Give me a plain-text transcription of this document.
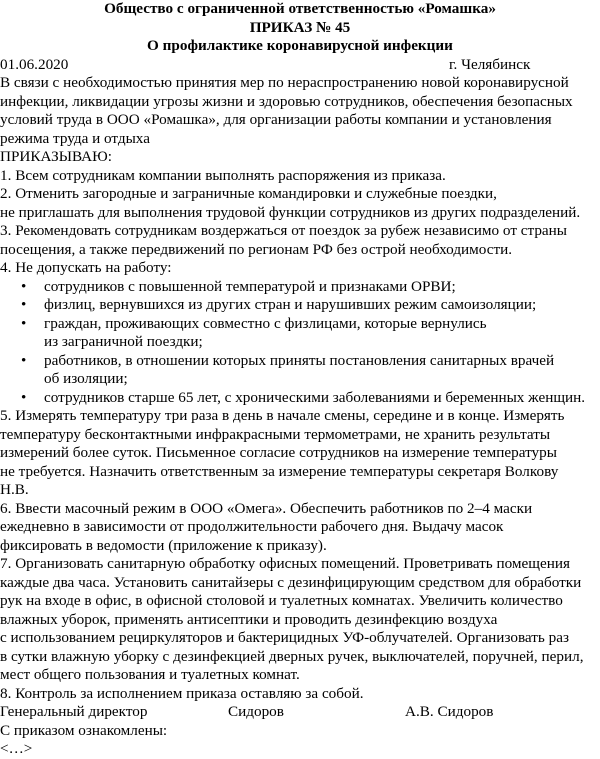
Общество с ограниченной ответственностью «Ромашка»
ПРИКАЗ № 45
О профилактике коронавирусной инфекции
01.06.2020	г. Челябинск
В связи с необходимостью принятия мер по нераспространению новой коронавирусной
инфекции, ликвидации угрозы жизни и здоровью сотрудников, обеспечения безопасных
условий труда в ООО «Ромашка», для организации работы компании и установления
режима труда и отдыха
ПРИКАЗЫВАЮ:
1. Всем сотрудникам компании выполнять распоряжения из приказа.
2. Отменить загородные и заграничные командировки и служебные поездки,
не приглашать для выполнения трудовой функции сотрудников из других подразделений.
3. Рекомендовать сотрудникам воздержаться от поездок за рубеж независимо от страны
посещения, а также передвижений по регионам РФ без острой необходимости.
4. Не допускать на работу:
• сотрудников с повышенной температурой и признаками ОРВИ;
• физлиц, вернувшихся из других стран и нарушивших режим самоизоляции;
• граждан, проживающих совместно с физлицами, которые вернулись
из заграничной поездки;
• работников, в отношении которых приняты постановления санитарных врачей
об изоляции;
• сотрудников старше 65 лет, с хроническими заболеваниями и беременных женщин.
5. Измерять температуру три раза в день в начале смены, середине и в конце. Измерять
температуру бесконтактными инфракрасными термометрами, не хранить результаты
измерений более суток. Письменное согласие сотрудников на измерение температуры
не требуется. Назначить ответственным за измерение температуры секретаря Волкову
Н.В.
6. Ввести масочный режим в ООО «Омега». Обеспечить работников по 2–4 маски
ежедневно в зависимости от продолжительности рабочего дня. Выдачу масок
фиксировать в ведомости (приложение к приказу).
7. Организовать санитарную обработку офисных помещений. Проветривать помещения
каждые два часа. Установить санитайзеры с дезинфицирующим средством для обработки
рук на входе в офис, в офисной столовой и туалетных комнатах. Увеличить количество
влажных уборок, применять антисептики и проводить дезинфекцию воздуха
с использованием рециркуляторов и бактерицидных УФ-облучателей. Организовать раз
в сутки влажную уборку с дезинфекцией дверных ручек, выключателей, поручней, перил,
мест общего пользования и туалетных комнат.
8. Контроль за исполнением приказа оставляю за собой.
Генеральный директор	Сидоров	А.В. Сидоров
С приказом ознакомлены:
<…>
